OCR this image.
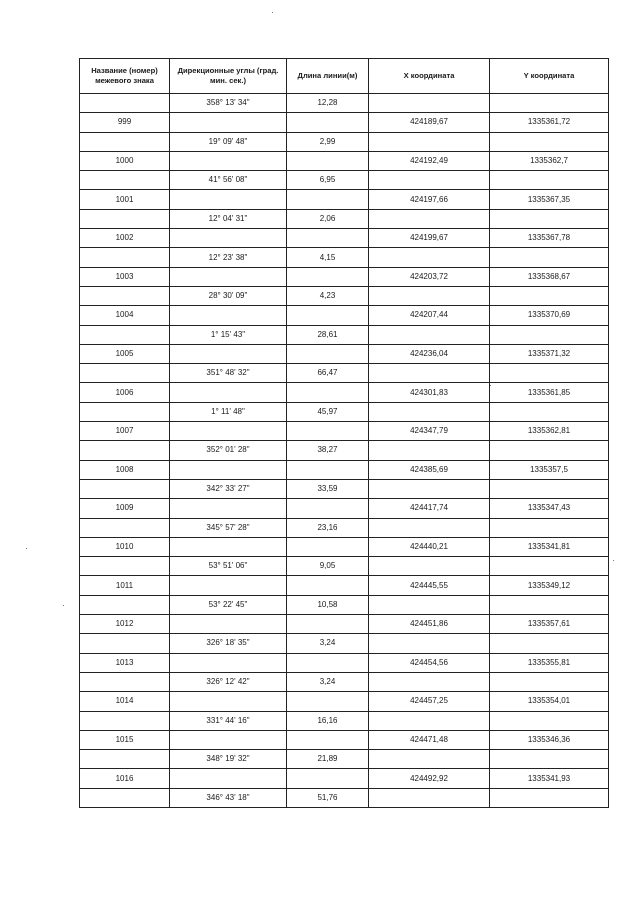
Название (номер) межевого знака	Дирекционные углы (град. мин. сек.)	Длина линии(м)	X координата	Y координата
	358° 13' 34"	12,28		
999			424189,67	1335361,72
	19° 09' 48"	2,99		
1000			424192,49	1335362,7
	41° 56' 08"	6,95		
1001			424197,66	1335367,35
	12° 04' 31"	2,06		
1002			424199,67	1335367,78
	12° 23' 38"	4,15		
1003			424203,72	1335368,67
	28° 30' 09"	4,23		
1004			424207,44	1335370,69
	1° 15' 43"	28,61		
1005			424236,04	1335371,32
	351° 48' 32"	66,47		
1006			424301,83	1335361,85
	1° 11' 48"	45,97		
1007			424347,79	1335362,81
	352° 01' 28"	38,27		
1008			424385,69	1335357,5
	342° 33' 27"	33,59		
1009			424417,74	1335347,43
	345° 57' 28"	23,16		
1010			424440,21	1335341,81
	53° 51' 06"	9,05		
1011			424445,55	1335349,12
	53° 22' 45"	10,58		
1012			424451,86	1335357,61
	326° 18' 35"	3,24		
1013			424454,56	1335355,81
	326° 12' 42"	3,24		
1014			424457,25	1335354,01
	331° 44' 16"	16,16		
1015			424471,48	1335346,36
	348° 19' 32"	21,89		
1016			424492,92	1335341,93
	346° 43' 18"	51,76		
